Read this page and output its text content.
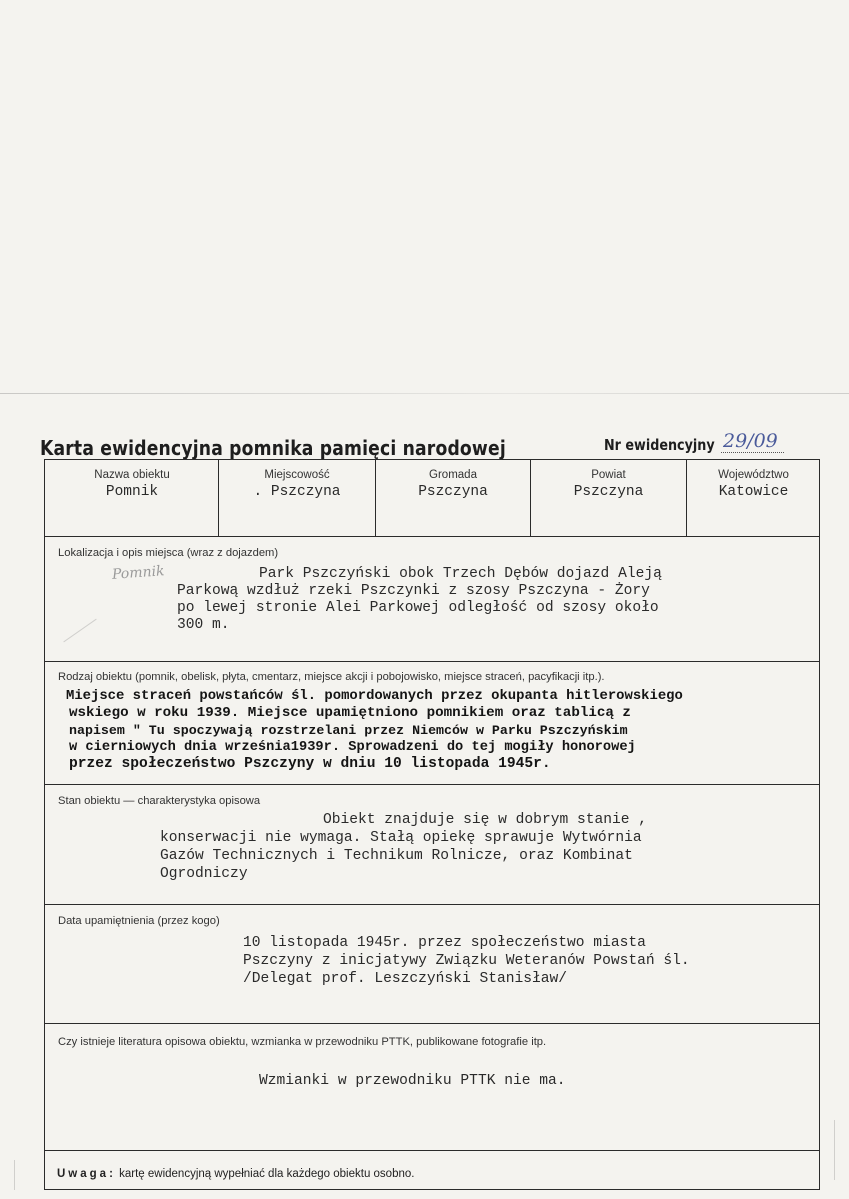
Karta ewidencyjna pomnika pamięci narodowej	Nr ewidencyjny 29/09
Nazwa obiektu
Pomnik
Miejscowość
. Pszczyna
Gromada
Pszczyna
Powiat
Pszczyna
Województwo
Katowice
Lokalizacja i opis miejsca (wraz z dojazdem)
Pomnik	Park Pszczyński obok Trzech Dębów dojazd Aleją
Parkową wzdłuż rzeki Pszczynki z szosy Pszczyna - Żory
po lewej stronie Alei Parkowej odległość od szosy około
300 m.
Rodzaj obiektu (pomnik, obelisk, płyta, cmentarz, miejsce akcji i pobojowisko, miejsce straceń, pacyfikacji itp.).
Miejsce straceń powstańców śl. pomordowanych przez okupanta hitlerowskiego
wskiego w roku 1939. Miejsce upamiętniono pomnikiem oraz tablicą z
napisem " Tu spoczywają rozstrzelani przez Niemców w Parku Pszczyńskim
w cierniowych dnia września1939r. Sprowadzeni do tej mogiły honorowej
przez społeczeństwo Pszczyny w dniu 10 listopada 1945r.
Stan obiektu — charakterystyka opisowa
Obiekt znajduje się w dobrym stanie ,
konserwacji nie wymaga. Stałą opiekę sprawuje Wytwórnia
Gazów Technicznych i Technikum Rolnicze, oraz Kombinat
Ogrodniczy
Data upamiętnienia (przez kogo)
10 listopada 1945r. przez społeczeństwo miasta
Pszczyny z inicjatywy Związku Weteranów Powstań śl.
/Delegat prof. Leszczyński Stanisław/
Czy istnieje literatura opisowa obiektu, wzmianka w przewodniku PTTK, publikowane fotografie itp.
Wzmianki w przewodniku PTTK nie ma.
Uwaga: kartę ewidencyjną wypełniać dla każdego obiektu osobno.
